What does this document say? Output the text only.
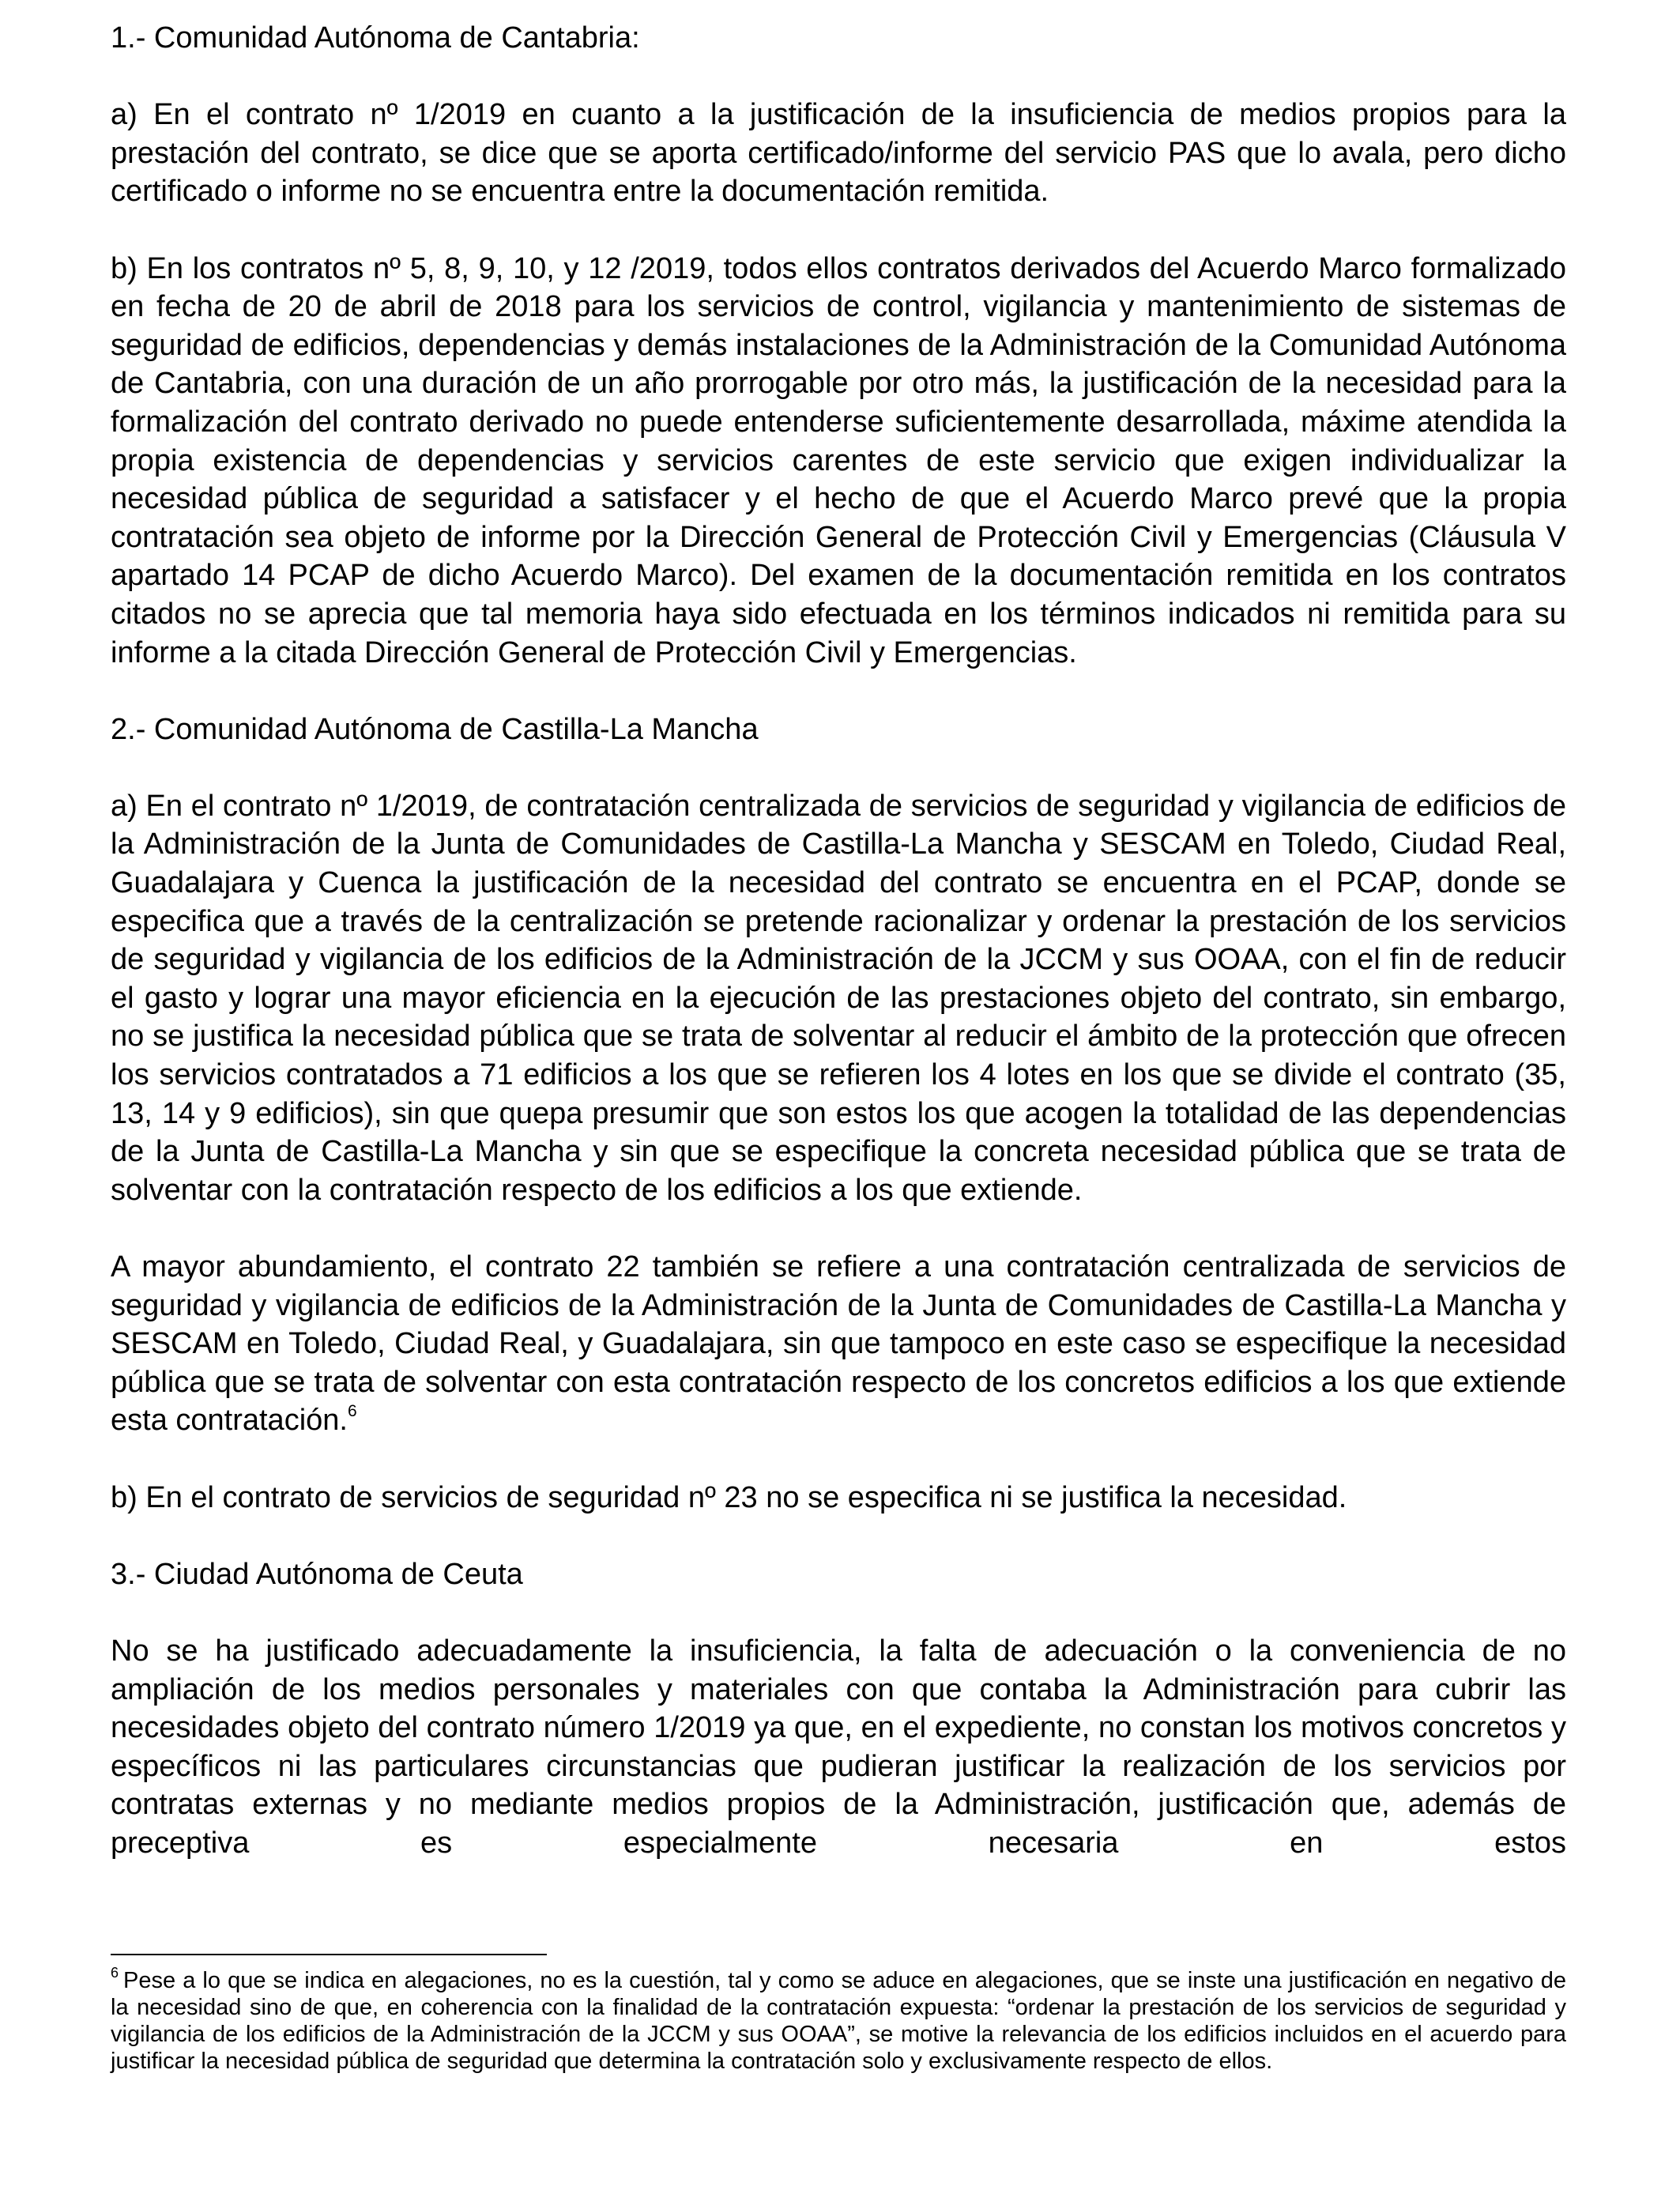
1.- Comunidad Autónoma de Cantabria:

a) En el contrato nº 1/2019 en cuanto a la justificación de la insuficiencia de medios propios para la prestación del contrato, se dice que se aporta certificado/informe del servicio PAS que lo avala, pero dicho certificado o informe no se encuentra entre la documentación remitida.

b) En los contratos nº 5, 8, 9, 10, y 12 /2019, todos ellos contratos derivados del Acuerdo Marco formalizado en fecha de 20 de abril de 2018 para los servicios de control, vigilancia y mantenimiento de sistemas de seguridad de edificios, dependencias y demás instalaciones de la Administración de la Comunidad Autónoma de Cantabria, con una duración de un año prorrogable por otro más, la justificación de la necesidad para la formalización del contrato derivado no puede entenderse suficientemente desarrollada, máxime atendida la propia existencia de dependencias y servicios carentes de este servicio que exigen individualizar la necesidad pública de seguridad a satisfacer y el hecho de que el Acuerdo Marco prevé que la propia contratación sea objeto de informe por la Dirección General de Protección Civil y Emergencias (Cláusula V apartado 14 PCAP de dicho Acuerdo Marco). Del examen de la documentación remitida en los contratos citados no se aprecia que tal memoria haya sido efectuada en los términos indicados ni remitida para su informe a la citada Dirección General de Protección Civil y Emergencias.

2.- Comunidad Autónoma de Castilla-La Mancha

a) En el contrato nº 1/2019, de contratación centralizada de servicios de seguridad y vigilancia de edificios de la Administración de la Junta de Comunidades de Castilla-La Mancha y SESCAM en Toledo, Ciudad Real, Guadalajara y Cuenca la justificación de la necesidad del contrato se encuentra en el PCAP, donde se especifica que a través de la centralización se pretende racionalizar y ordenar la prestación de los servicios de seguridad y vigilancia de los edificios de la Administración de la JCCM y sus OOAA, con el fin de reducir el gasto y lograr una mayor eficiencia en la ejecución de las prestaciones objeto del contrato, sin embargo, no se justifica la necesidad pública que se trata de solventar al reducir el ámbito de la protección que ofrecen los servicios contratados a 71 edificios a los que se refieren los 4 lotes en los que se divide el contrato (35, 13, 14 y 9 edificios), sin que quepa presumir que son estos los que acogen la totalidad de las dependencias de la Junta de Castilla-La Mancha y sin que se especifique la concreta necesidad pública que se trata de solventar con la contratación respecto de los edificios a los que extiende.

A mayor abundamiento, el contrato 22 también se refiere a una contratación centralizada de servicios de seguridad y vigilancia de edificios de la Administración de la Junta de Comunidades de Castilla-La Mancha y SESCAM en Toledo, Ciudad Real, y Guadalajara, sin que tampoco en este caso se especifique la necesidad pública que se trata de solventar con esta contratación respecto de los concretos edificios a los que extiende esta contratación.$^6$

b) En el contrato de servicios de seguridad nº 23 no se especifica ni se justifica la necesidad.

3.- Ciudad Autónoma de Ceuta

No se ha justificado adecuadamente la insuficiencia, la falta de adecuación o la conveniencia de no ampliación de los medios personales y materiales con que contaba la Administración para cubrir las necesidades objeto del contrato número 1/2019 ya que, en el expediente, no constan los motivos concretos y específicos ni las particulares circunstancias que pudieran justificar la realización de los servicios por contratas externas y no mediante medios propios de la Administración, justificación que, además de preceptiva es especialmente necesaria en estos

$^6$ Pese a lo que se indica en alegaciones, no es la cuestión, tal y como se aduce en alegaciones, que se inste una justificación en negativo de la necesidad sino de que, en coherencia con la finalidad de la contratación expuesta: “ordenar la prestación de los servicios de seguridad y vigilancia de los edificios de la Administración de la JCCM y sus OOAA”, se motive la relevancia de los edificios incluidos en el acuerdo para justificar la necesidad pública de seguridad que determina la contratación solo y exclusivamente respecto de ellos.
